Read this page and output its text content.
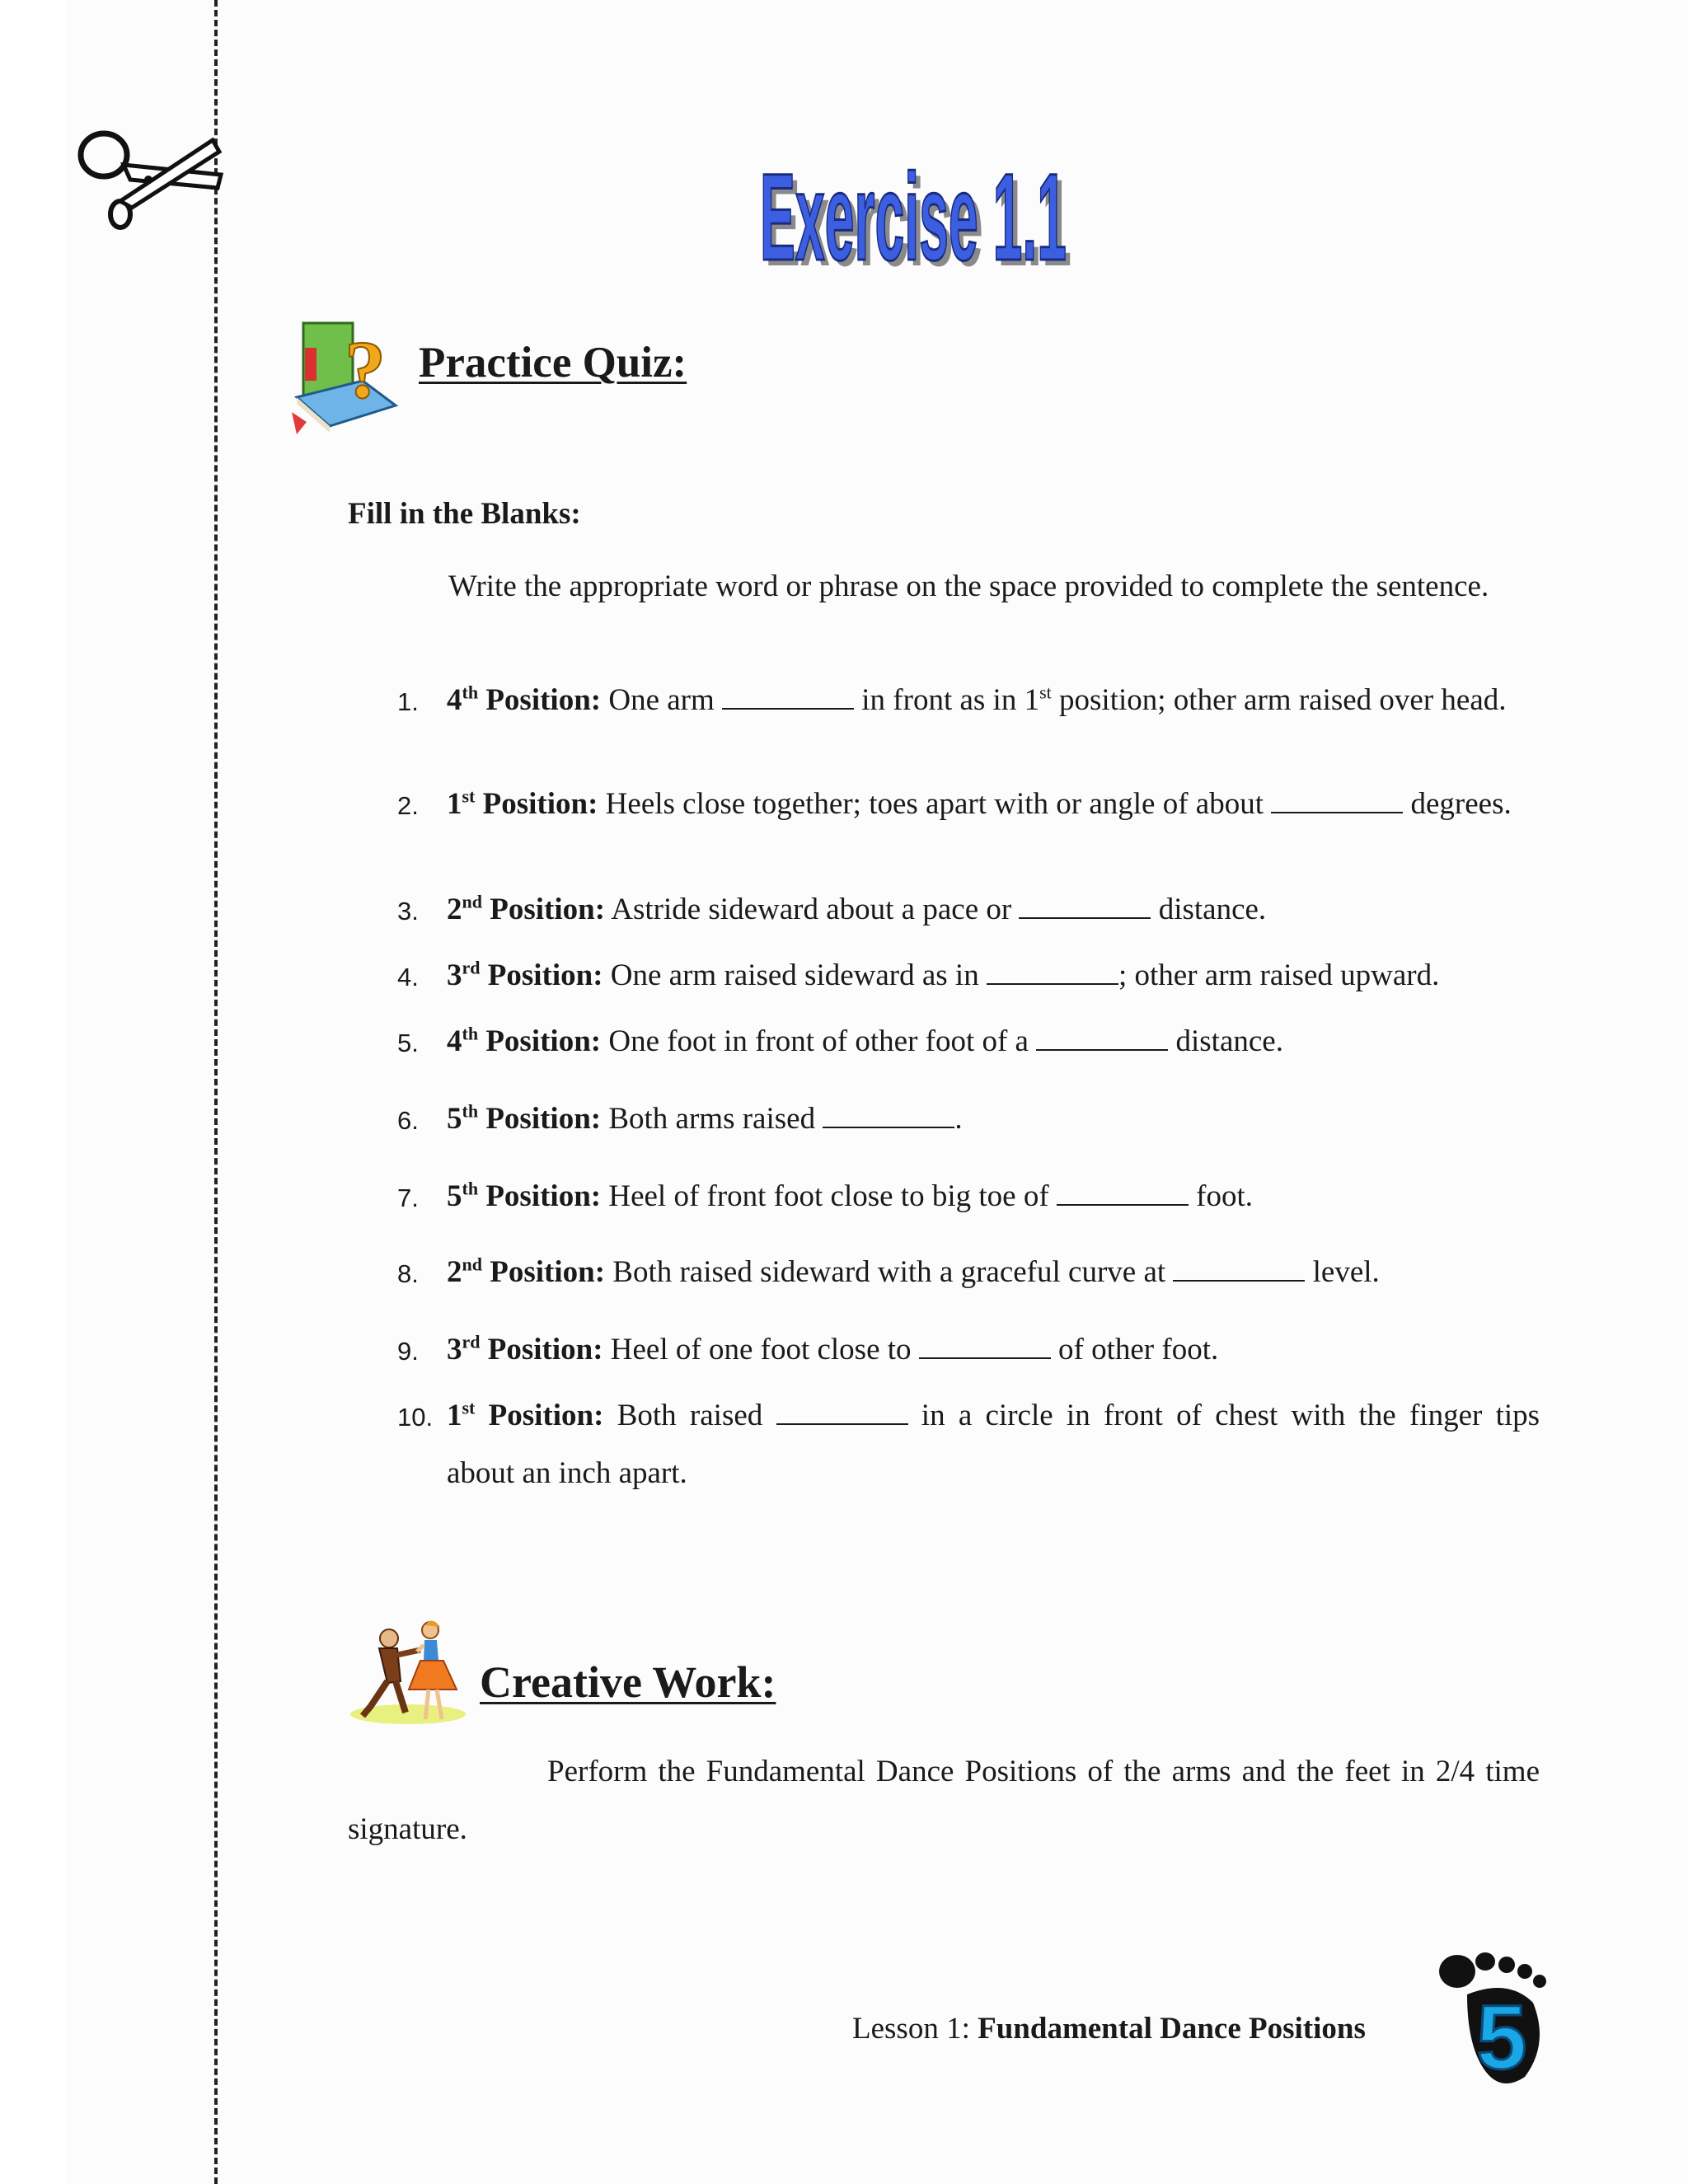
Exercise 1.1
Exercise 1.1
? Practice Quiz:
Fill in the Blanks:

Write the appropriate word or phrase on the space provided to complete the sentence.

1. 4th Position: One arm	in front as in 1st position; other arm raised over head.
2. 1st Position: Heels close together; toes apart with or angle of about	degrees.
3. 2nd Position: Astride sideward about a pace or	distance.
4. 3rd Position: One arm raised sideward as in	; other arm raised upward.
5. 4th Position: One foot in front of other foot of a	distance.
6. 5th Position: Both arms raised	.
7. 5th Position: Heel of front foot close to big toe of	foot.
8. 2nd Position: Both raised sideward with a graceful curve at	level.
9. 3rd Position: Heel of one foot close to	of other foot.
10. 1st Position: Both raised	in a circle in front of chest with the finger tips
about an inch apart.
Creative Work:

Perform the Fundamental Dance Positions of the arms and the feet in 2/4 time signature.

Lesson 1: Fundamental Dance Positions 5
